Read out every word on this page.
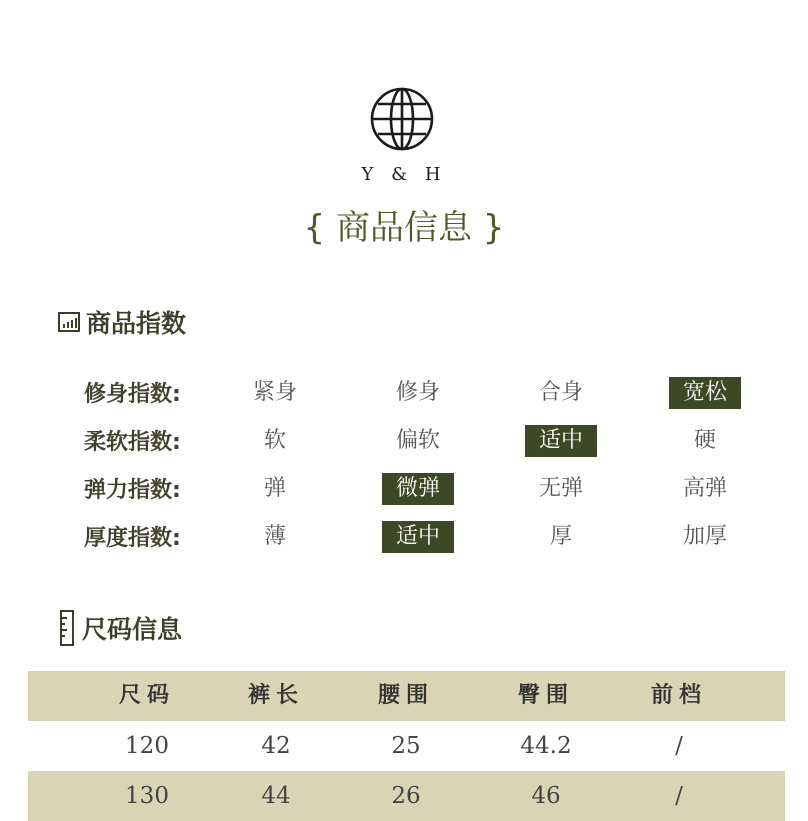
Y & H
{ 商品信息 }
商品指数
修身指数:	紧身	修身	合身	宽松
柔软指数:	软	偏软	适中	硬
弹力指数:	弹	微弹	无弹	高弹
厚度指数:	薄	适中	厚	加厚
尺码信息
尺码	裤长	腰围	臀围	前档
120	42	25	44.2	/
130	44	26	46	/
